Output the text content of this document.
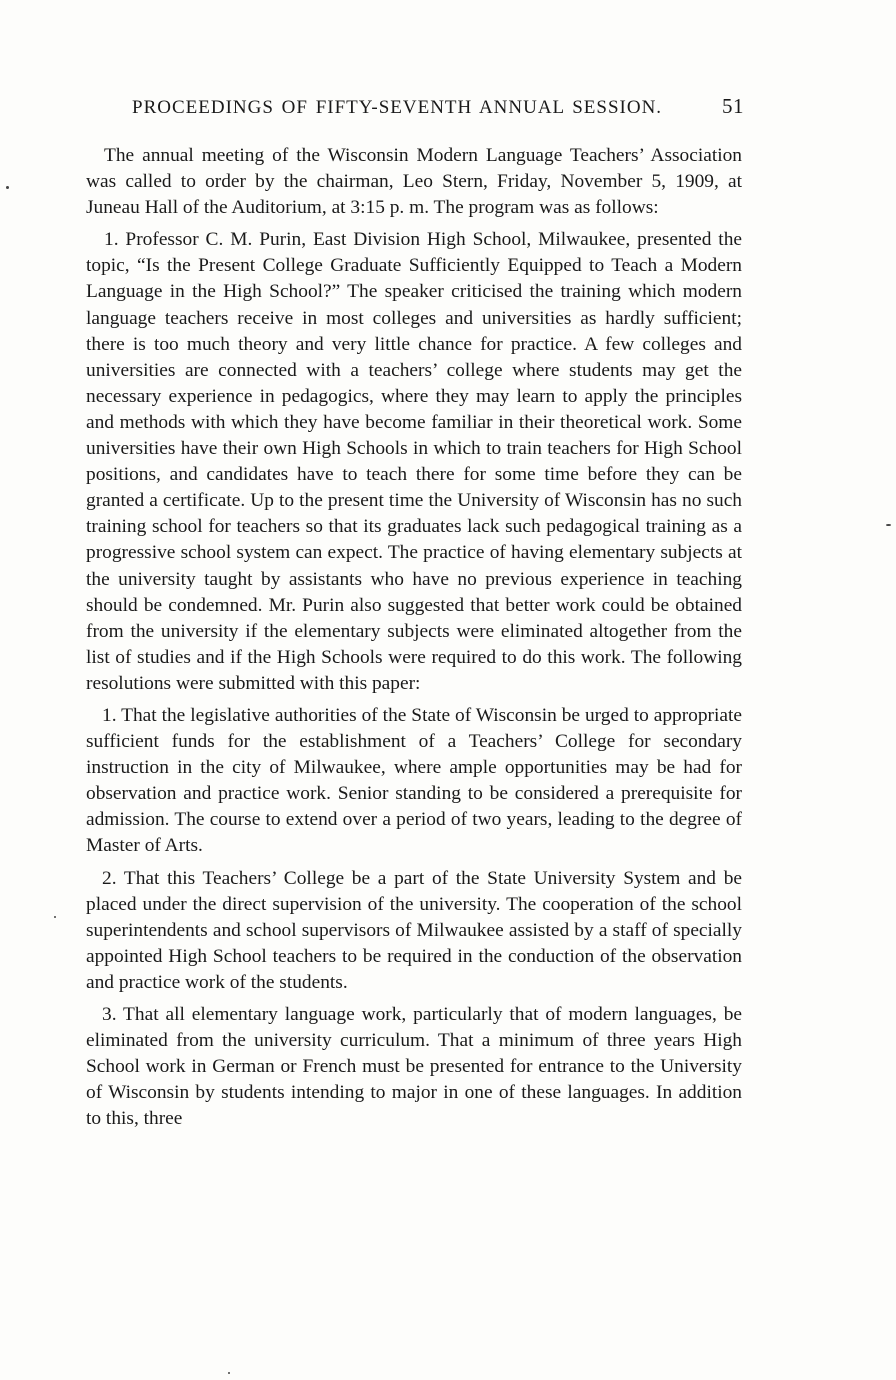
PROCEEDINGS OF FIFTY-SEVENTH ANNUAL SESSION.	51

The annual meeting of the Wisconsin Modern Language Teachers’ Association was called to order by the chairman, Leo Stern, Friday, November 5, 1909, at Juneau Hall of the Auditorium, at 3:15 p. m. The program was as follows:

1. Professor C. M. Purin, East Division High School, Milwaukee, presented the topic, “Is the Present College Graduate Sufficiently Equipped to Teach a Modern Language in the High School?” The speaker criticised the training which modern language teachers receive in most colleges and universities as hardly sufficient; there is too much theory and very little chance for practice. A few colleges and universities are connected with a teachers’ college where students may get the necessary experience in pedagogics, where they may learn to apply the principles and methods with which they have become familiar in their theoretical work. Some universities have their own High Schools in which to train teachers for High School positions, and candidates have to teach there for some time before they can be granted a certificate. Up to the present time the University of Wisconsin has no such training school for teachers so that its graduates lack such pedagogical training as a progressive school system can expect. The practice of having elementary subjects at the university taught by assistants who have no previous experience in teaching should be condemned. Mr. Purin also suggested that better work could be obtained from the university if the elementary subjects were eliminated altogether from the list of studies and if the High Schools were required to do this work. The following resolutions were submitted with this paper:

1. That the legislative authorities of the State of Wisconsin be urged to appropriate sufficient funds for the establishment of a Teachers’ College for secondary instruction in the city of Milwaukee, where ample opportunities may be had for observation and practice work. Senior standing to be considered a prerequisite for admission. The course to extend over a period of two years, leading to the degree of Master of Arts.

2. That this Teachers’ College be a part of the State University System and be placed under the direct supervision of the university. The cooperation of the school superintendents and school supervisors of Milwaukee assisted by a staff of specially appointed High School teachers to be required in the conduction of the observation and practice work of the students.

3. That all elementary language work, particularly that of modern languages, be eliminated from the university curriculum. That a minimum of three years High School work in German or French must be presented for entrance to the University of Wisconsin by students intending to major in one of these languages. In addition to this, three
